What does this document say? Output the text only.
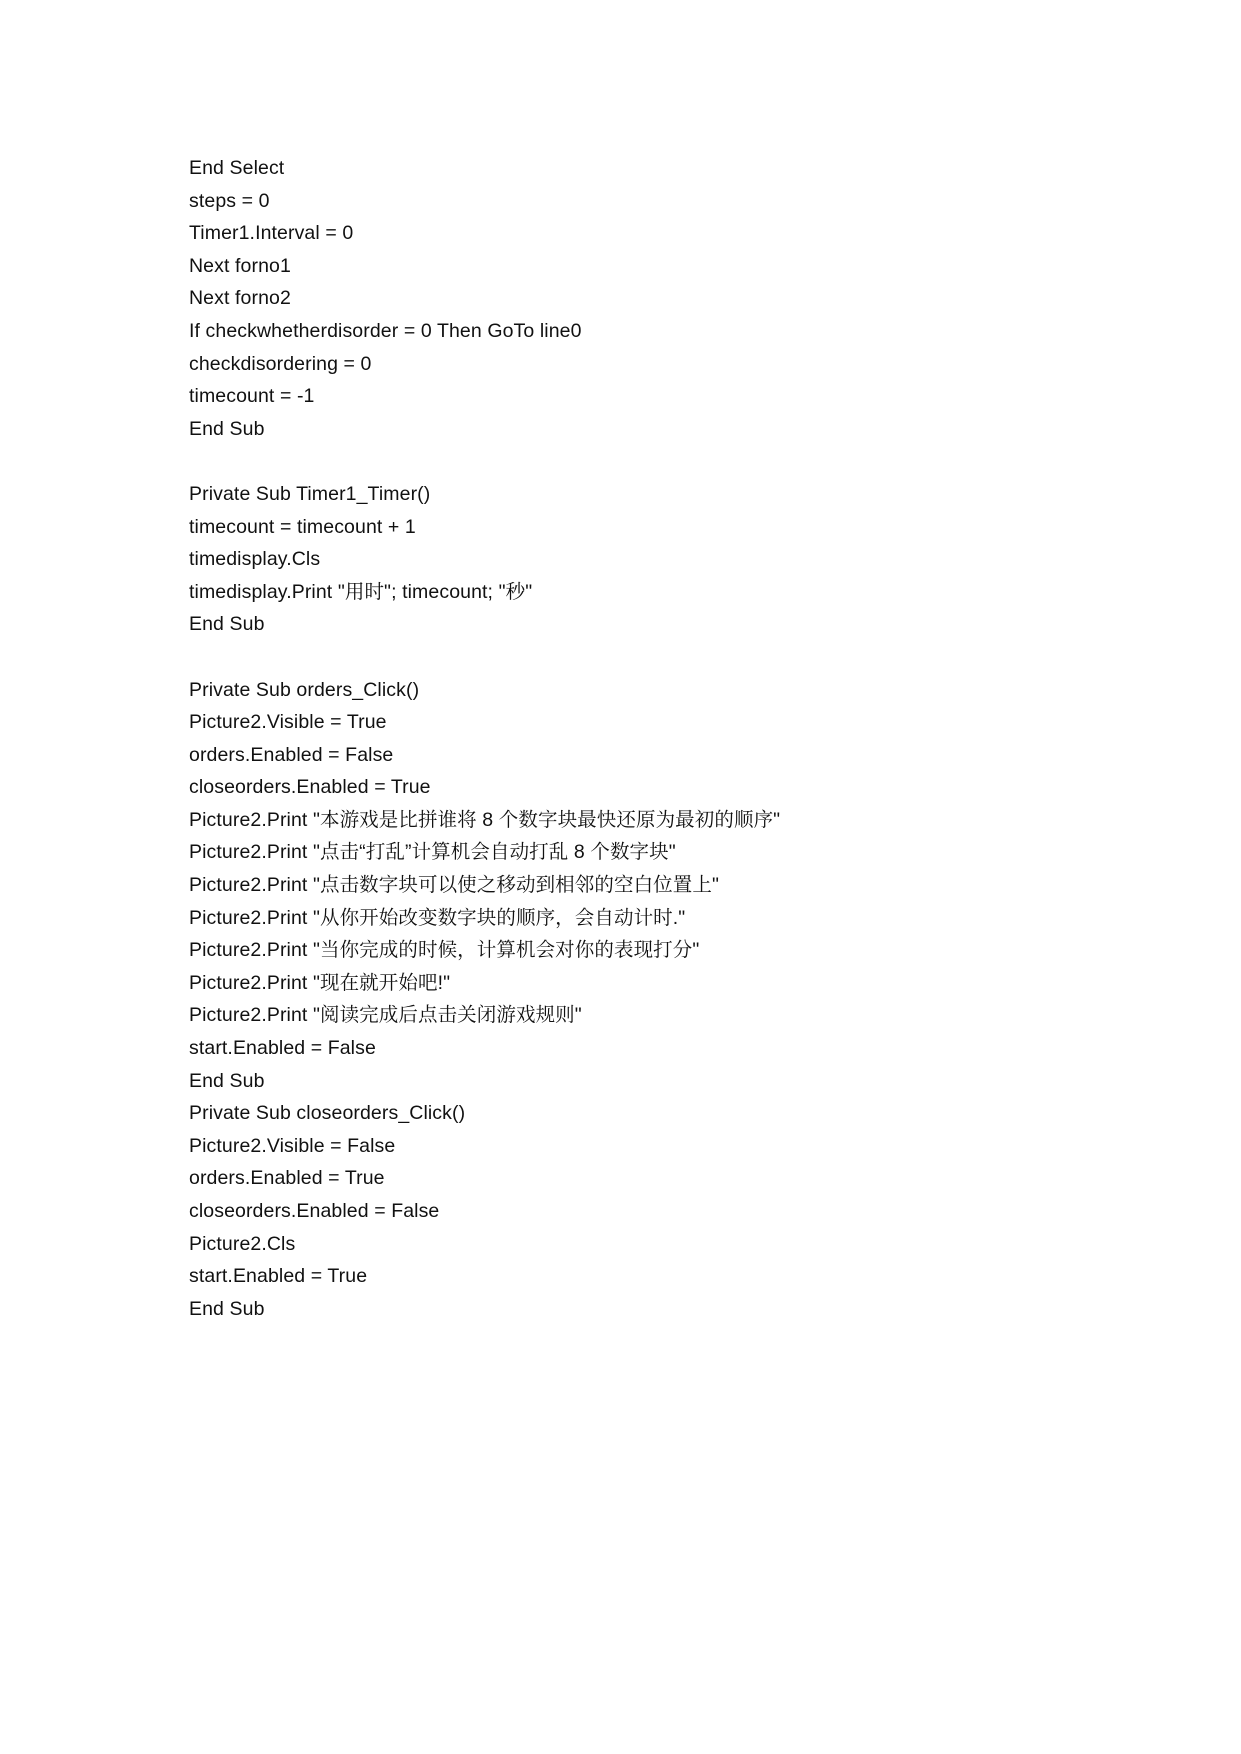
End Select
steps = 0
Timer1.Interval = 0
Next forno1
Next forno2
If checkwhetherdisorder = 0 Then GoTo line0
checkdisordering = 0
timecount = -1
End Sub
Private Sub Timer1_Timer()
timecount = timecount + 1
timedisplay.Cls
timedisplay.Print "用时"; timecount; "秒"
End Sub
Private Sub orders_Click()
Picture2.Visible = True
orders.Enabled = False
closeorders.Enabled = True
Picture2.Print "本游戏是比拼谁将 8 个数字块最快还原为最初的顺序"
Picture2.Print "点击“打乱”计算机会自动打乱 8 个数字块"
Picture2.Print "点击数字块可以使之移动到相邻的空白位置上"
Picture2.Print "从你开始改变数字块的顺序，会自动计时."
Picture2.Print "当你完成的时候，计算机会对你的表现打分"
Picture2.Print "现在就开始吧!"
Picture2.Print "阅读完成后点击关闭游戏规则"
start.Enabled = False
End Sub
Private Sub closeorders_Click()
Picture2.Visible = False
orders.Enabled = True
closeorders.Enabled = False
Picture2.Cls
start.Enabled = True
End Sub
